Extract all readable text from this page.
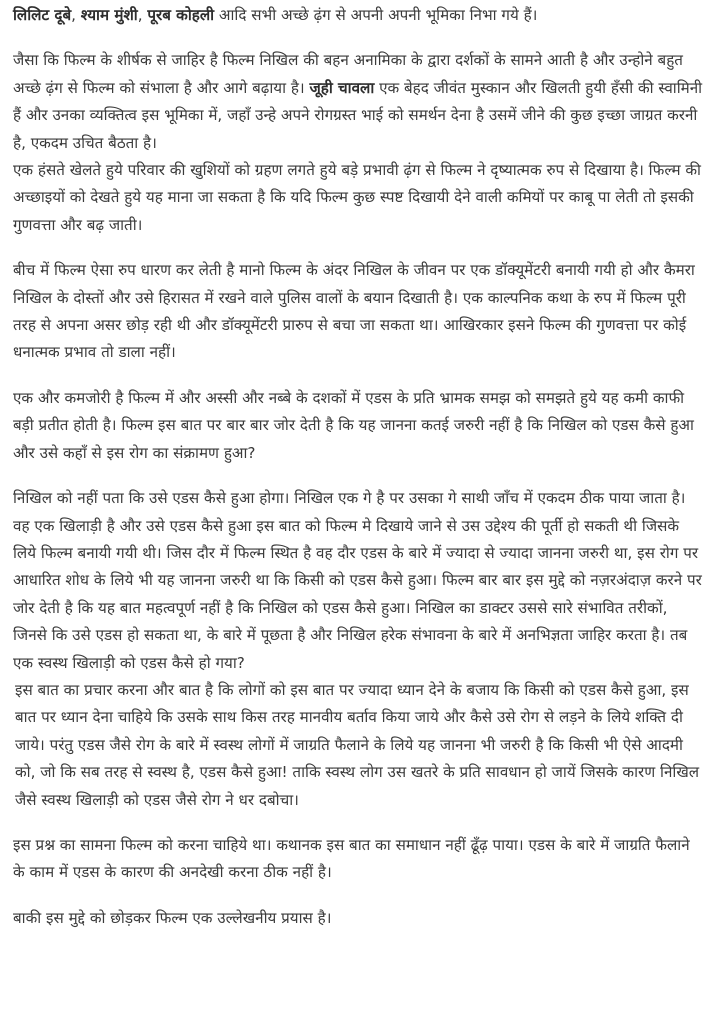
लिलिट दूबे, श्याम मुंशी, पूरब कोहली आदि सभी अच्छे ढ़ंग से अपनी अपनी भूमिका निभा गये हैं।

जैसा कि फिल्म के शीर्षक से जाहिर है फिल्म निखिल की बहन अनामिका के द्वारा दर्शकों के सामने आती है और उन्होने बहुत अच्छे ढ़ंग से फिल्म को संभाला है और आगे बढ़ाया है। जूही चावला एक बेहद जीवंत मुस्कान और खिलती हुयी हँसी की स्वामिनी हैं और उनका व्यक्तित्व इस भूमिका में, जहाँ उन्हे अपने रोगग्रस्त भाई को समर्थन देना है उसमें जीने की कुछ इच्छा जाग्रत करनी है, एकदम उचित बैठता है।

एक हंसते खेलते हुये परिवार की खुशियों को ग्रहण लगते हुये बड़े प्रभावी ढ़ंग से फिल्म ने दृष्यात्मक रुप से दिखाया है। फिल्म की अच्छाइयों को देखते हुये यह माना जा सकता है कि यदि फिल्म कुछ स्पष्ट दिखायी देने वाली कमियों पर काबू पा लेती तो इसकी गुणवत्ता और बढ़ जाती।

बीच में फिल्म ऐसा रुप धारण कर लेती है मानो फिल्म के अंदर निखिल के जीवन पर एक डॉक्यूमेंटरी बनायी गयी हो और कैमरा निखिल के दोस्तों और उसे हिरासत में रखने वाले पुलिस वालों के बयान दिखाती है। एक काल्पनिक कथा के रुप में फिल्म पूरी तरह से अपना असर छोड़ रही थी और डॉक्यूमेंटरी प्रारुप से बचा जा सकता था। आखिरकार इसने फिल्म की गुणवत्ता पर कोई धनात्मक प्रभाव तो डाला नहीं।

एक और कमजोरी है फिल्म में और अस्सी और नब्बे के दशकों में एडस के प्रति भ्रामक समझ को समझते हुये यह कमी काफी बड़ी प्रतीत होती है। फिल्म इस बात पर बार बार जोर देती है कि यह जानना कतई जरुरी नहीं है कि निखिल को एडस कैसे हुआ और उसे कहाँ से इस रोग का संक्रामण हुआ?

निखिल को नहीं पता कि उसे एडस कैसे हुआ होगा। निखिल एक गे है पर उसका गे साथी जाँच में एकदम ठीक पाया जाता है। वह एक खिलाड़ी है और उसे एडस कैसे हुआ इस बात को फिल्म मे दिखाये जाने से उस उद्देश्य की पूर्ती हो सकती थी जिसके लिये फिल्म बनायी गयी थी। जिस दौर में फिल्म स्थित है वह दौर एडस के बारे में ज्यादा से ज्यादा जानना जरुरी था, इस रोग पर आधारित शोध के लिये भी यह जानना जरुरी था कि किसी को एडस कैसे हुआ। फिल्म बार बार इस मुद्दे को नज़रअंदाज़ करने पर जोर देती है कि यह बात महत्वपूर्ण नहीं है कि निखिल को एडस कैसे हुआ। निखिल का डाक्टर उससे सारे संभावित तरीकों, जिनसे कि उसे एडस हो सकता था, के बारे में पूछता है और निखिल हरेक संभावना के बारे में अनभिज्ञता जाहिर करता है। तब एक स्वस्थ खिलाड़ी को एडस कैसे हो गया?

इस बात का प्रचार करना और बात है कि लोगों को इस बात पर ज्यादा ध्यान देने के बजाय कि किसी को एडस कैसे हुआ, इस बात पर ध्यान देना चाहिये कि उसके साथ किस तरह मानवीय बर्ताव किया जाये और कैसे उसे रोग से लड़ने के लिये शक्ति दी जाये। परंतु एडस जैसे रोग के बारे में स्वस्थ लोगों में जाग्रति फैलाने के लिये यह जानना भी जरुरी है कि किसी भी ऐसे आदमी को, जो कि सब तरह से स्वस्थ है, एडस कैसे हुआ! ताकि स्वस्थ लोग उस खतरे के प्रति सावधान हो जायें जिसके कारण निखिल जैसे स्वस्थ खिलाड़ी को एडस जैसे रोग ने धर दबोचा।

इस प्रश्न का सामना फिल्म को करना चाहिये था। कथानक इस बात का समाधान नहीं ढूँढ़ पाया। एडस के बारे में जाग्रति फैलाने के काम में एडस के कारण की अनदेखी करना ठीक नहीं है।

बाकी इस मुद्दे को छोड़कर फिल्म एक उल्लेखनीय प्रयास है।
